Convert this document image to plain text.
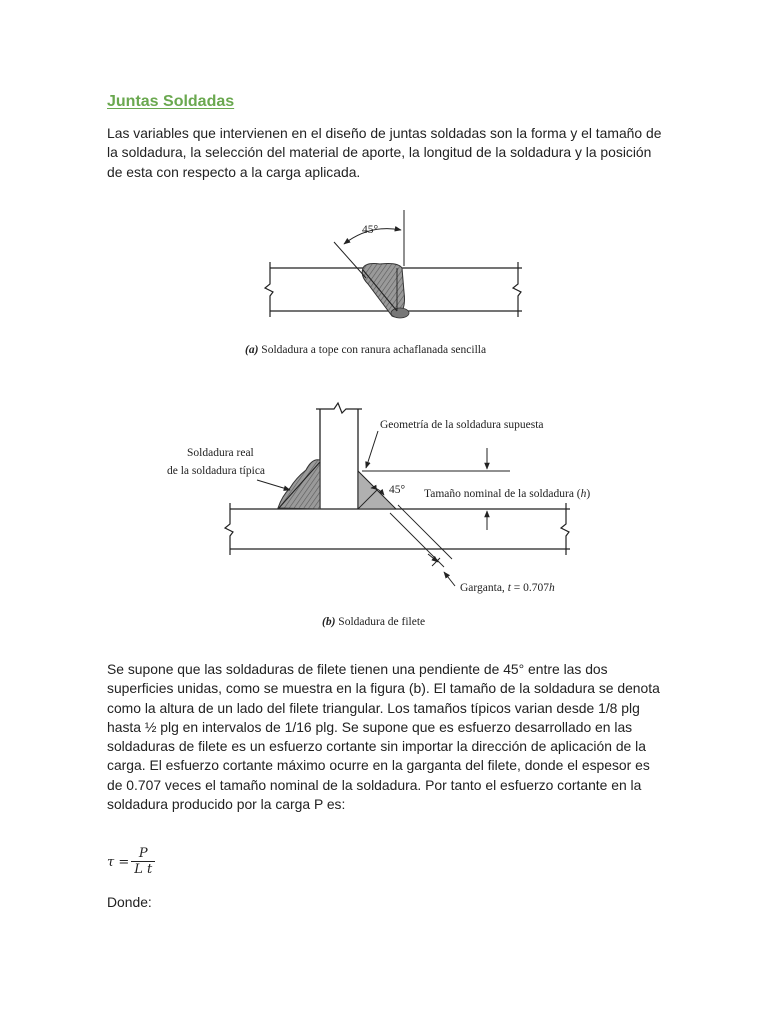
Juntas Soldadas

Las variables que intervienen en el diseño de juntas soldadas son la forma y el tamaño de la soldadura, la selección del material de aporte, la longitud de la soldadura y la posición de esta con respecto a la carga aplicada.

45°
(a) Soldadura a tope con ranura achaflanada sencilla
45°
Geometría de la soldadura supuesta
Soldadura real
de la soldadura típica
Tamaño nominal de la soldadura (h)
Garganta, t = 0.707h
(b) Soldadura de filete

Se supone que las soldaduras de filete tienen una pendiente de 45° entre las dos superficies unidas, como se muestra en la figura (b). El tamaño de la soldadura se denota como la altura de un lado del filete triangular. Los tamaños típicos varian desde 1/8 plg hasta ½ plg en intervalos de 1/16 plg. Se supone que es esfuerzo desarrollado en las soldaduras de filete es un esfuerzo cortante sin importar la dirección de aplicación de la carga. El esfuerzo cortante máximo ocurre en la garganta del filete, donde el espesor es de 0.707 veces el tamaño nominal de la soldadura. Por tanto el esfuerzo cortante en la soldadura producido por la carga P es:

$\tau = \frac{P}{\text{L t}}$

Donde:
